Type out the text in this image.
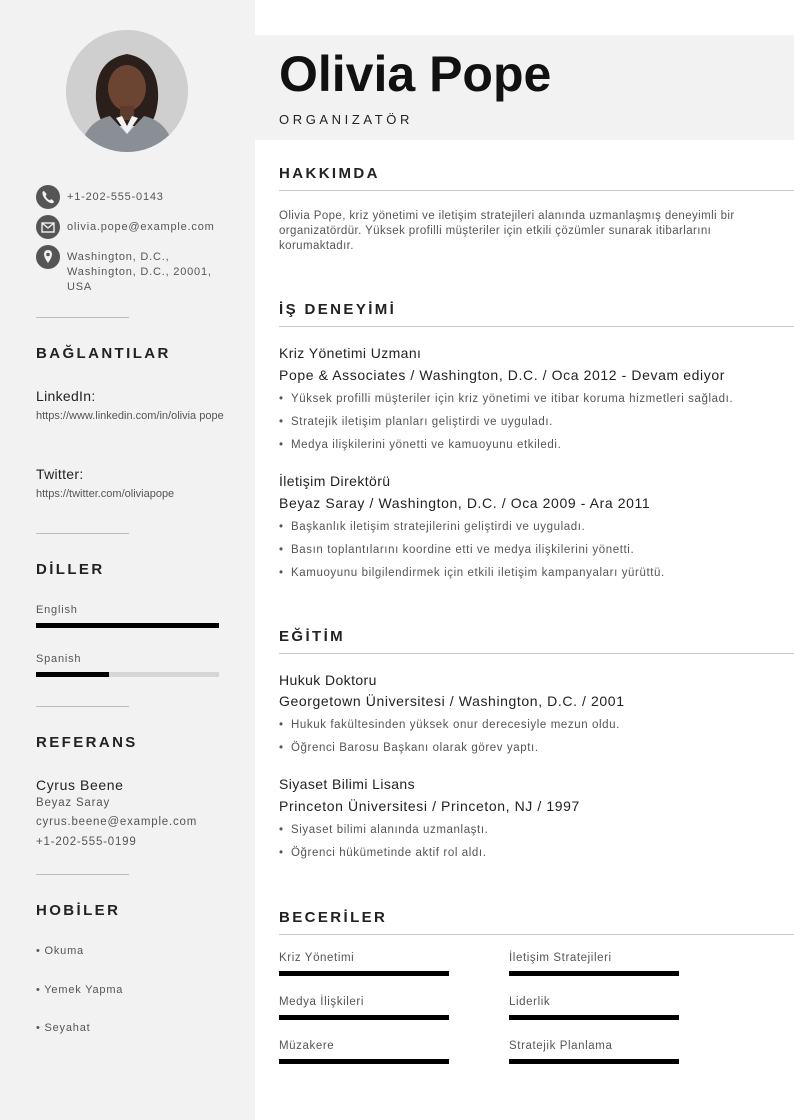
+1-202-555-0143
olivia.pope@example.com
Washington, D.C., Washington, D.C., 20001, USA
BAĞLANTILAR
LinkedIn:
https://www.linkedin.com/in/olivia pope
Twitter:
https://twitter.com/oliviapope
DİLLER
English
Spanish
REFERANS
Cyrus Beene
Beyaz Saray
cyrus.beene@example.com
+1-202-555-0199
HOBİLER
• Okuma
• Yemek Yapma
• Seyahat
Olivia Pope
ORGANIZATÖR
HAKKIMDA
Olivia Pope, kriz yönetimi ve iletişim stratejileri alanında uzmanlaşmış deneyimli bir organizatördür. Yüksek profilli müşteriler için etkili çözümler sunarak itibarlarını korumaktadır.
İŞ DENEYİMİ
Kriz Yönetimi Uzmanı
Pope & Associates / Washington, D.C. / Oca 2012 - Devam ediyor
• Yüksek profilli müşteriler için kriz yönetimi ve itibar koruma hizmetleri sağladı.
• Stratejik iletişim planları geliştirdi ve uyguladı.
• Medya ilişkilerini yönetti ve kamuoyunu etkiledi.
İletişim Direktörü
Beyaz Saray / Washington, D.C. / Oca 2009 - Ara 2011
• Başkanlık iletişim stratejilerini geliştirdi ve uyguladı.
• Basın toplantılarını koordine etti ve medya ilişkilerini yönetti.
• Kamuoyunu bilgilendirmek için etkili iletişim kampanyaları yürüttü.
EĞİTİM
Hukuk Doktoru
Georgetown Üniversitesi / Washington, D.C. / 2001
• Hukuk fakültesinden yüksek onur derecesiyle mezun oldu.
• Öğrenci Barosu Başkanı olarak görev yaptı.
Siyaset Bilimi Lisans
Princeton Üniversitesi / Princeton, NJ / 1997
• Siyaset bilimi alanında uzmanlaştı.
• Öğrenci hükümetinde aktif rol aldı.
BECERİLER
Kriz Yönetimi	İletişim Stratejileri
Medya İlişkileri	Liderlik
Müzakere	Stratejik Planlama
